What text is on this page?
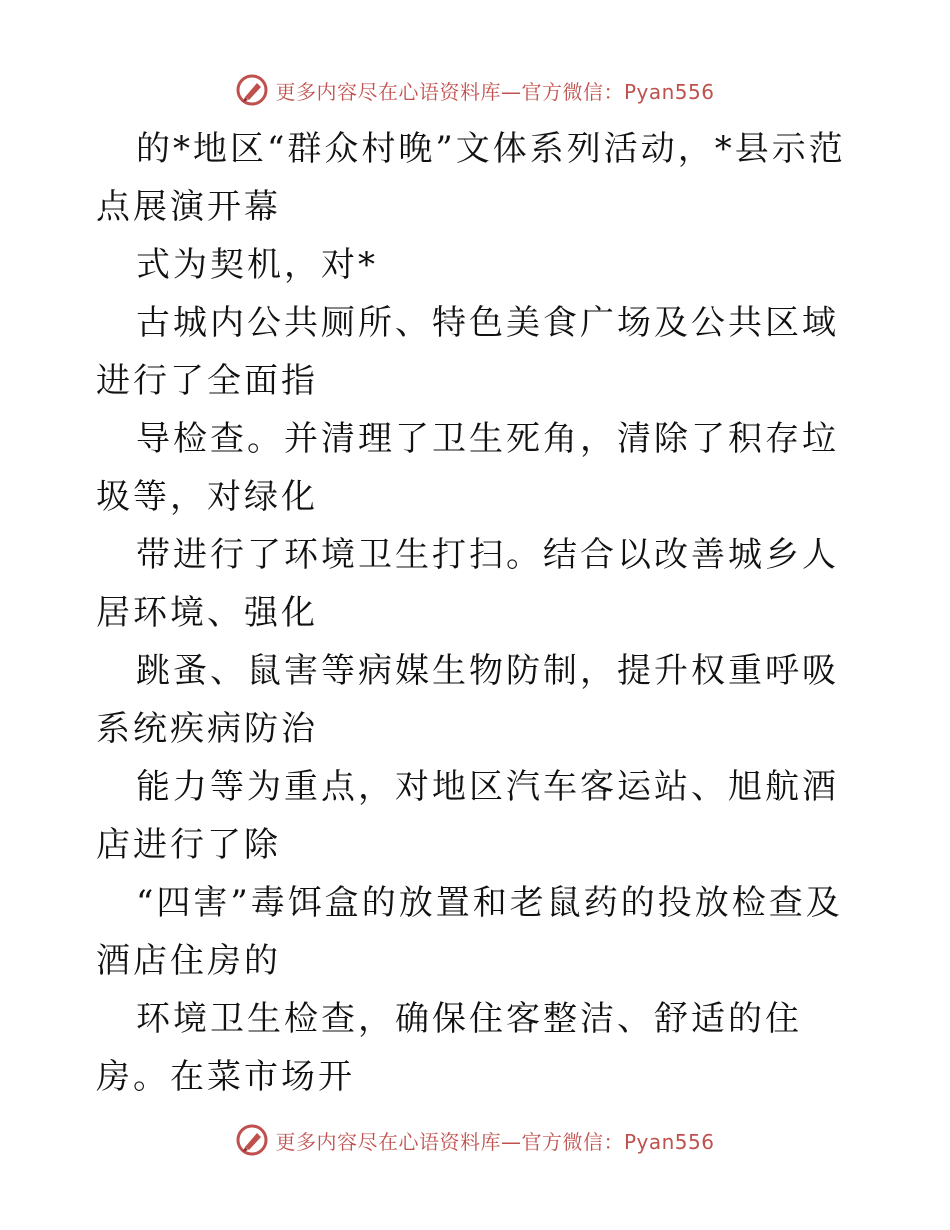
更多内容尽在心语资料库—官方微信：Pyan556

的*地区“群众村晚”文体系列活动，*县示范点展演开幕

式为契机，对*

古城内公共厕所、特色美食广场及公共区域进行了全面指

导检查。并清理了卫生死角，清除了积存垃圾等，对绿化

带进行了环境卫生打扫。结合以改善城乡人居环境、强化

跳蚤、鼠害等病媒生物防制，提升权重呼吸系统疾病防治

能力等为重点，对地区汽车客运站、旭航酒店进行了除

“四害”毒饵盒的放置和老鼠药的投放检查及酒店住房的

环境卫生检查，确保住客整洁、舒适的住房。在菜市场开

更多内容尽在心语资料库—官方微信：Pyan556
